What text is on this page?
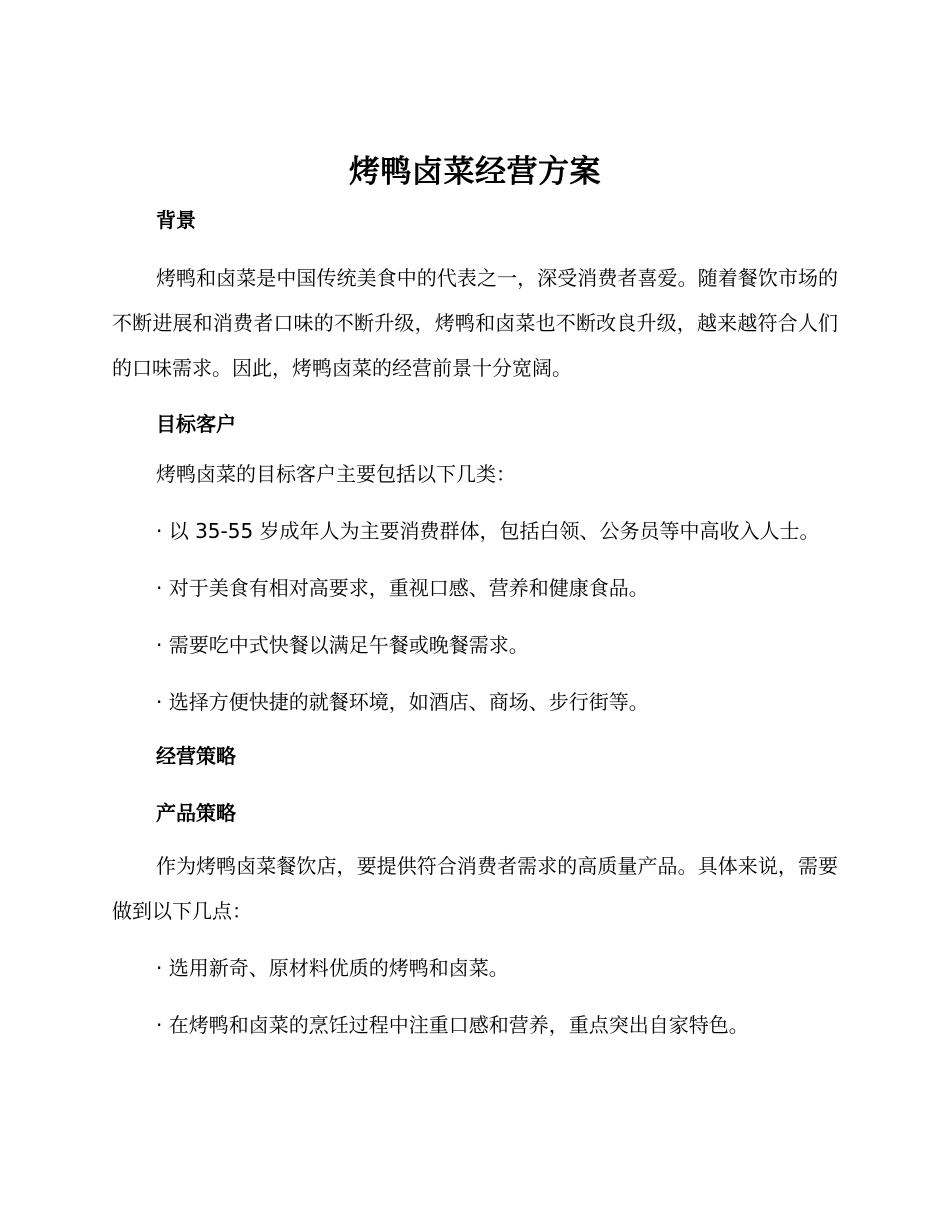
烤鸭卤菜经营方案
背景

烤鸭和卤菜是中国传统美食中的代表之一，深受消费者喜爱。随着餐饮市场的不断进展和消费者口味的不断升级，烤鸭和卤菜也不断改良升级，越来越符合人们的口味需求。因此，烤鸭卤菜的经营前景十分宽阔。

目标客户

烤鸭卤菜的目标客户主要包括以下几类：

· 以 35-55 岁成年人为主要消费群体，包括白领、公务员等中高收入人士。

· 对于美食有相对高要求，重视口感、营养和健康食品。

· 需要吃中式快餐以满足午餐或晚餐需求。

· 选择方便快捷的就餐环境，如酒店、商场、步行街等。

经营策略
产品策略

作为烤鸭卤菜餐饮店，要提供符合消费者需求的高质量产品。具体来说，需要做到以下几点：

· 选用新奇、原材料优质的烤鸭和卤菜。

· 在烤鸭和卤菜的烹饪过程中注重口感和营养，重点突出自家特色。
